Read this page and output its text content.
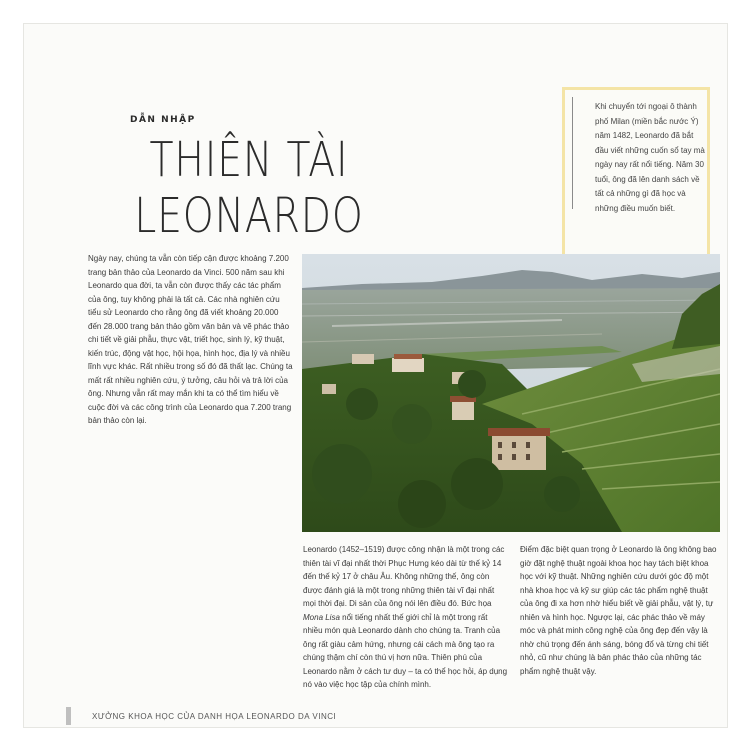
DẪN NHẬP
THIÊN TÀI
LEONARDO
Khi chuyển tới ngoại ô thành phố Milan (miền bắc nước Ý) năm 1482, Leonardo đã bắt đầu viết những cuốn sổ tay mà ngày nay rất nổi tiếng. Năm 30 tuổi, ông đã lên danh sách về tất cả những gì đã học và những điều muốn biết.
Ngày nay, chúng ta vẫn còn tiếp cận được khoảng 7.200 trang bản thảo của Leonardo da Vinci. 500 năm sau khi Leonardo qua đời, ta vẫn còn được thấy các tác phẩm của ông, tuy không phải là tất cả. Các nhà nghiên cứu tiểu sử Leonardo cho rằng ông đã viết khoảng 20.000 đến 28.000 trang bản thảo gồm văn bản và vẽ phác thảo chi tiết về giải phẫu, thực vật, triết học, sinh lý, kỹ thuật, kiến trúc, động vật học, hội họa, hình học, địa lý và nhiều lĩnh vực khác. Rất nhiều trong số đó đã thất lạc. Chúng ta mất rất nhiều nghiên cứu, ý tưởng, câu hỏi và trả lời của ông. Nhưng vẫn rất may mắn khi ta có thể tìm hiểu về cuộc đời và các công trình của Leonardo qua 7.200 trang bản thảo còn lại.
Leonardo (1452–1519) được công nhận là một trong các thiên tài vĩ đại nhất thời Phục Hưng kéo dài từ thế kỷ 14 đến thế kỷ 17 ở châu Âu. Không những thế, ông còn được đánh giá là một trong những thiên tài vĩ đại nhất mọi thời đại. Di sản của ông nói lên điều đó. Bức họa Mona Lisa nổi tiếng nhất thế giới chỉ là một trong rất nhiều món quà Leonardo dành cho chúng ta. Tranh của ông rất giàu cảm hứng, nhưng cái cách mà ông tạo ra chúng thậm chí còn thú vị hơn nữa. Thiên phú của Leonardo nằm ở cách tư duy – ta có thể học hỏi, áp dụng nó vào việc học tập của chính mình.
Điểm đặc biệt quan trọng ở Leonardo là ông không bao giờ đặt nghệ thuật ngoài khoa học hay tách biệt khoa học với kỹ thuật. Những nghiên cứu dưới góc độ một nhà khoa học và kỹ sư giúp các tác phẩm nghệ thuật của ông đi xa hơn nhờ hiểu biết về giải phẫu, vật lý, tự nhiên và hình học. Ngược lại, các phác thảo về máy móc và phát minh công nghệ của ông đẹp đến vậy là nhờ chú trọng đến ánh sáng, bóng đổ và từng chi tiết nhỏ, cũ như chúng là bản phác thảo của những tác phẩm nghệ thuật vậy.
XƯỞNG KHOA HỌC CỦA DANH HỌA LEONARDO DA VINCI
